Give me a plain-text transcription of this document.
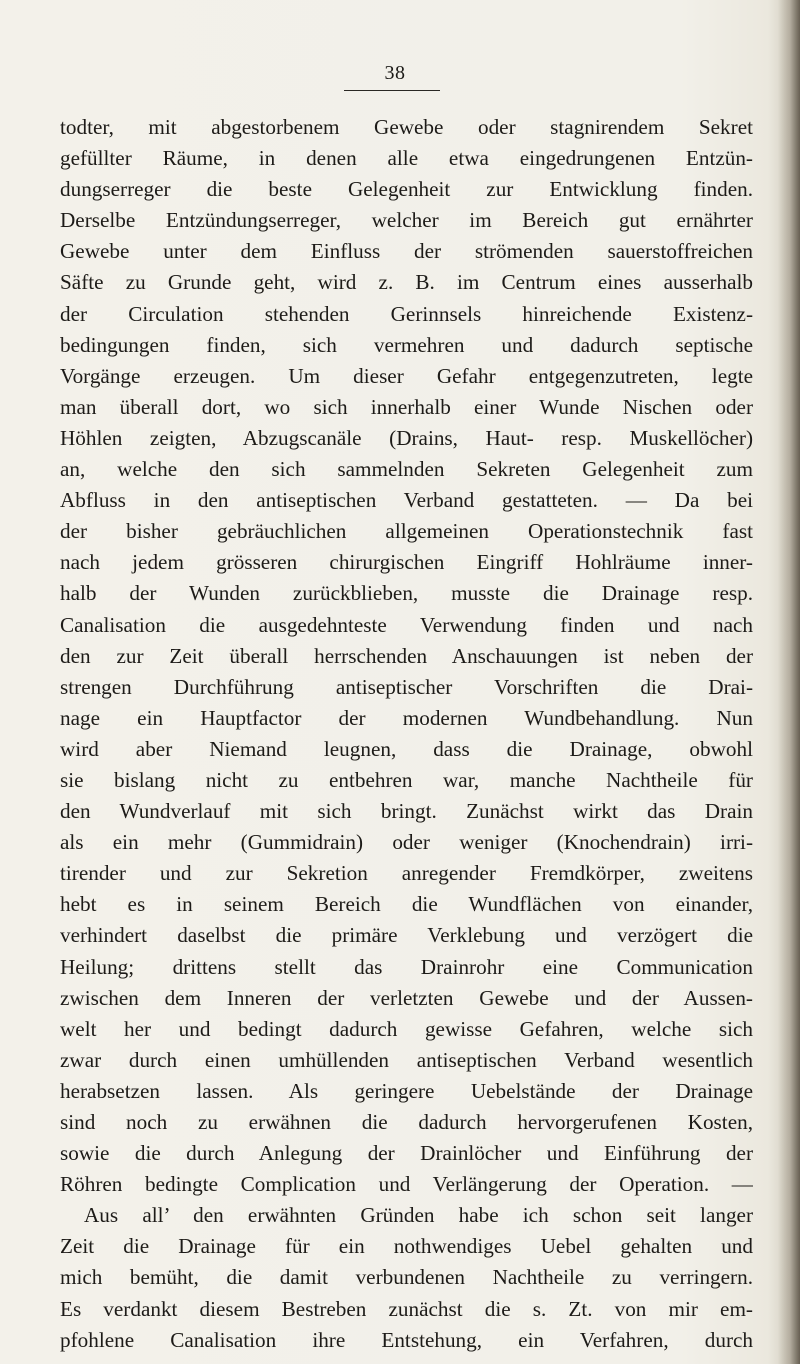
38
todter, mit abgestorbenem Gewebe oder stagnirendem Sekret
gefüllter Räume, in denen alle etwa eingedrungenen Entzün-
dungserreger die beste Gelegenheit zur Entwicklung finden.
Derselbe Entzündungserreger, welcher im Bereich gut ernährter
Gewebe unter dem Einfluss der strömenden sauerstoffreichen
Säfte zu Grunde geht, wird z. B. im Centrum eines ausserhalb
der Circulation stehenden Gerinnsels hinreichende Existenz-
bedingungen finden, sich vermehren und dadurch septische
Vorgänge erzeugen. Um dieser Gefahr entgegenzutreten, legte
man überall dort, wo sich innerhalb einer Wunde Nischen oder
Höhlen zeigten, Abzugscanäle (Drains, Haut- resp. Muskellöcher)
an, welche den sich sammelnden Sekreten Gelegenheit zum
Abfluss in den antiseptischen Verband gestatteten. — Da bei
der bisher gebräuchlichen allgemeinen Operationstechnik fast
nach jedem grösseren chirurgischen Eingriff Hohlräume inner-
halb der Wunden zurückblieben, musste die Drainage resp.
Canalisation die ausgedehnteste Verwendung finden und nach
den zur Zeit überall herrschenden Anschauungen ist neben der
strengen Durchführung antiseptischer Vorschriften die Drai-
nage ein Hauptfactor der modernen Wundbehandlung. Nun
wird aber Niemand leugnen, dass die Drainage, obwohl
sie bislang nicht zu entbehren war, manche Nachtheile für
den Wundverlauf mit sich bringt. Zunächst wirkt das Drain
als ein mehr (Gummidrain) oder weniger (Knochendrain) irri-
tirender und zur Sekretion anregender Fremdkörper, zweitens
hebt es in seinem Bereich die Wundflächen von einander,
verhindert daselbst die primäre Verklebung und verzögert die
Heilung; drittens stellt das Drainrohr eine Communication
zwischen dem Inneren der verletzten Gewebe und der Aussen-
welt her und bedingt dadurch gewisse Gefahren, welche sich
zwar durch einen umhüllenden antiseptischen Verband wesentlich
herabsetzen lassen. Als geringere Uebelstände der Drainage
sind noch zu erwähnen die dadurch hervorgerufenen Kosten,
sowie die durch Anlegung der Drainlöcher und Einführung der
Röhren bedingte Complication und Verlängerung der Operation. —
Aus all’ den erwähnten Gründen habe ich schon seit langer
Zeit die Drainage für ein nothwendiges Uebel gehalten und
mich bemüht, die damit verbundenen Nachtheile zu verringern.
Es verdankt diesem Bestreben zunächst die s. Zt. von mir em-
pfohlene Canalisation ihre Entstehung, ein Verfahren, durch
